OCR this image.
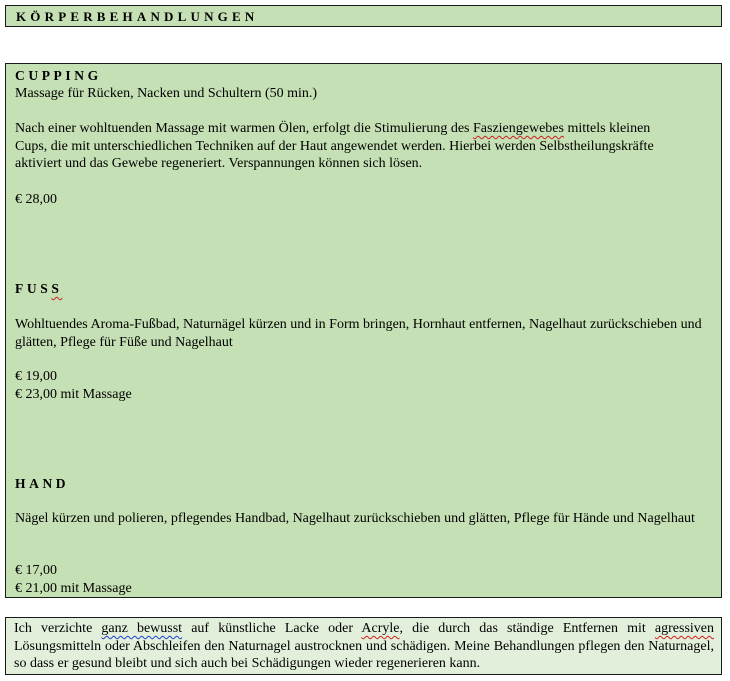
KÖRPERBEHANDLUNGEN
CUPPING
Massage für Rücken, Nacken und Schultern (50 min.)
Nach einer wohltuenden Massage mit warmen Ölen, erfolgt die Stimulierung des Fasziengewebes mittels kleinen Cups, die mit unterschiedlichen Techniken auf der Haut angewendet werden. Hierbei werden Selbstheilungskräfte aktiviert und das Gewebe regeneriert. Verspannungen können sich lösen.
€ 28,00
FUSS
Wohltuendes Aroma-Fußbad, Naturnägel kürzen und in Form bringen, Hornhaut entfernen, Nagelhaut zurückschieben und glätten, Pflege für Füße und Nagelhaut
€ 19,00
€ 23,00 mit Massage
HAND
Nägel kürzen und polieren, pflegendes Handbad, Nagelhaut zurückschieben und glätten, Pflege für Hände und Nagelhaut
€ 17,00
€ 21,00 mit Massage
Ich verzichte ganz bewusst auf künstliche Lacke oder Acryle, die durch das ständige Entfernen mit agressiven Lösungsmitteln oder Abschleifen den Naturnagel austrocknen und schädigen. Meine Behandlungen pflegen den Naturnagel, so dass er gesund bleibt und sich auch bei Schädigungen wieder regenerieren kann.
